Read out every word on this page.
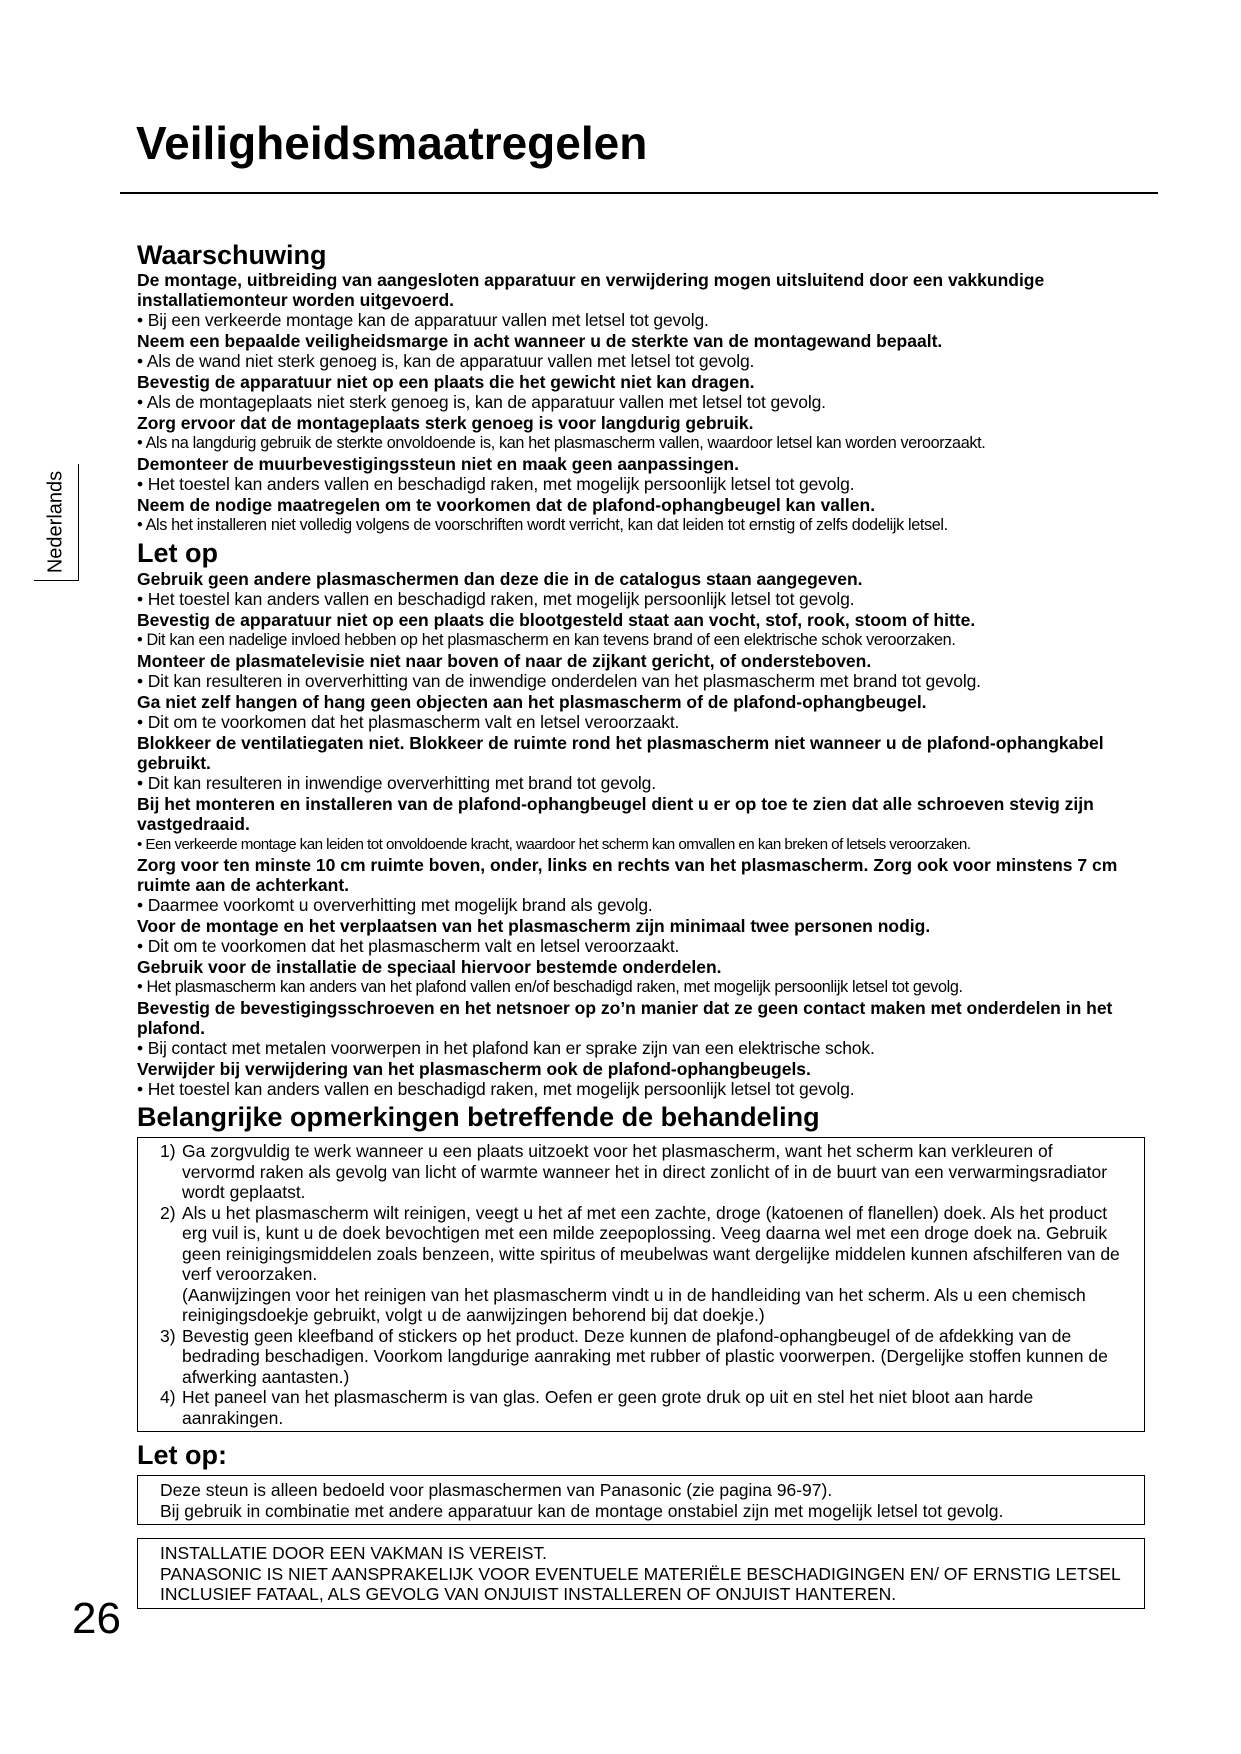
Veiligheidsmaatregelen
Nederlands
Waarschuwing
De montage, uitbreiding van aangesloten apparatuur en verwijdering mogen uitsluitend door een vakkundige installatiemonteur worden uitgevoerd.
• Bij een verkeerde montage kan de apparatuur vallen met letsel tot gevolg.
Neem een bepaalde veiligheidsmarge in acht wanneer u de sterkte van de montagewand bepaalt.
• Als de wand niet sterk genoeg is, kan de apparatuur vallen met letsel tot gevolg.
Bevestig de apparatuur niet op een plaats die het gewicht niet kan dragen.
• Als de montageplaats niet sterk genoeg is, kan de apparatuur vallen met letsel tot gevolg.
Zorg ervoor dat de montageplaats sterk genoeg is voor langdurig gebruik.
• Als na langdurig gebruik de sterkte onvoldoende is, kan het plasmascherm vallen, waardoor letsel kan worden veroorzaakt.
Demonteer de muurbevestigingssteun niet en maak geen aanpassingen.
• Het toestel kan anders vallen en beschadigd raken, met mogelijk persoonlijk letsel tot gevolg.
Neem de nodige maatregelen om te voorkomen dat de plafond-ophangbeugel kan vallen.
• Als het installeren niet volledig volgens de voorschriften wordt verricht, kan dat leiden tot ernstig of zelfs dodelijk letsel.
Let op
Gebruik geen andere plasmaschermen dan deze die in de catalogus staan aangegeven.
• Het toestel kan anders vallen en beschadigd raken, met mogelijk persoonlijk letsel tot gevolg.
Bevestig de apparatuur niet op een plaats die blootgesteld staat aan vocht, stof, rook, stoom of hitte.
• Dit kan een nadelige invloed hebben op het plasmascherm en kan tevens brand of een elektrische schok veroorzaken.
Monteer de plasmatelevisie niet naar boven of naar de zijkant gericht, of ondersteboven.
• Dit kan resulteren in oververhitting van de inwendige onderdelen van het plasmascherm met brand tot gevolg.
Ga niet zelf hangen of hang geen objecten aan het plasmascherm of de plafond-ophangbeugel.
• Dit om te voorkomen dat het plasmascherm valt en letsel veroorzaakt.
Blokkeer de ventilatiegaten niet. Blokkeer de ruimte rond het plasmascherm niet wanneer u de plafond-ophangkabel gebruikt.
• Dit kan resulteren in inwendige oververhitting met brand tot gevolg.
Bij het monteren en installeren van de plafond-ophangbeugel dient u er op toe te zien dat alle schroeven stevig zijn vastgedraaid.
• Een verkeerde montage kan leiden tot onvoldoende kracht, waardoor het scherm kan omvallen en kan breken of letsels veroorzaken.
Zorg voor ten minste 10 cm ruimte boven, onder, links en rechts van het plasmascherm. Zorg ook voor minstens 7 cm ruimte aan de achterkant.
• Daarmee voorkomt u oververhitting met mogelijk brand als gevolg.
Voor de montage en het verplaatsen van het plasmascherm zijn minimaal twee personen nodig.
• Dit om te voorkomen dat het plasmascherm valt en letsel veroorzaakt.
Gebruik voor de installatie de speciaal hiervoor bestemde onderdelen.
• Het plasmascherm kan anders van het plafond vallen en/of beschadigd raken, met mogelijk persoonlijk letsel tot gevolg.
Bevestig de bevestigingsschroeven en het netsnoer op zo’n manier dat ze geen contact maken met onderdelen in het plafond.
• Bij contact met metalen voorwerpen in het plafond kan er sprake zijn van een elektrische schok.
Verwijder bij verwijdering van het plasmascherm ook de plafond-ophangbeugels.
• Het toestel kan anders vallen en beschadigd raken, met mogelijk persoonlijk letsel tot gevolg.
Belangrijke opmerkingen betreffende de behandeling
1) Ga zorgvuldig te werk wanneer u een plaats uitzoekt voor het plasmascherm, want het scherm kan verkleuren of vervormd raken als gevolg van licht of warmte wanneer het in direct zonlicht of in de buurt van een verwarmingsradiator wordt geplaatst.
2) Als u het plasmascherm wilt reinigen, veegt u het af met een zachte, droge (katoenen of flanellen) doek. Als het product erg vuil is, kunt u de doek bevochtigen met een milde zeepoplossing. Veeg daarna wel met een droge doek na. Gebruik geen reinigingsmiddelen zoals benzeen, witte spiritus of meubelwas want dergelijke middelen kunnen afschilferen van de verf veroorzaken.
(Aanwijzingen voor het reinigen van het plasmascherm vindt u in de handleiding van het scherm. Als u een chemisch reinigingsdoekje gebruikt, volgt u de aanwijzingen behorend bij dat doekje.)
3) Bevestig geen kleefband of stickers op het product. Deze kunnen de plafond-ophangbeugel of de afdekking van de bedrading beschadigen. Voorkom langdurige aanraking met rubber of plastic voorwerpen. (Dergelijke stoffen kunnen de afwerking aantasten.)
4) Het paneel van het plasmascherm is van glas. Oefen er geen grote druk op uit en stel het niet bloot aan harde aanrakingen.
Let op:
Deze steun is alleen bedoeld voor plasmaschermen van Panasonic (zie pagina 96-97).
Bij gebruik in combinatie met andere apparatuur kan de montage onstabiel zijn met mogelijk letsel tot gevolg.
INSTALLATIE DOOR EEN VAKMAN IS VEREIST.
PANASONIC IS NIET AANSPRAKELIJK VOOR EVENTUELE MATERIËLE BESCHADIGINGEN EN/ OF ERNSTIG LETSEL INCLUSIEF FATAAL, ALS GEVOLG VAN ONJUIST INSTALLEREN OF ONJUIST HANTEREN.
26
